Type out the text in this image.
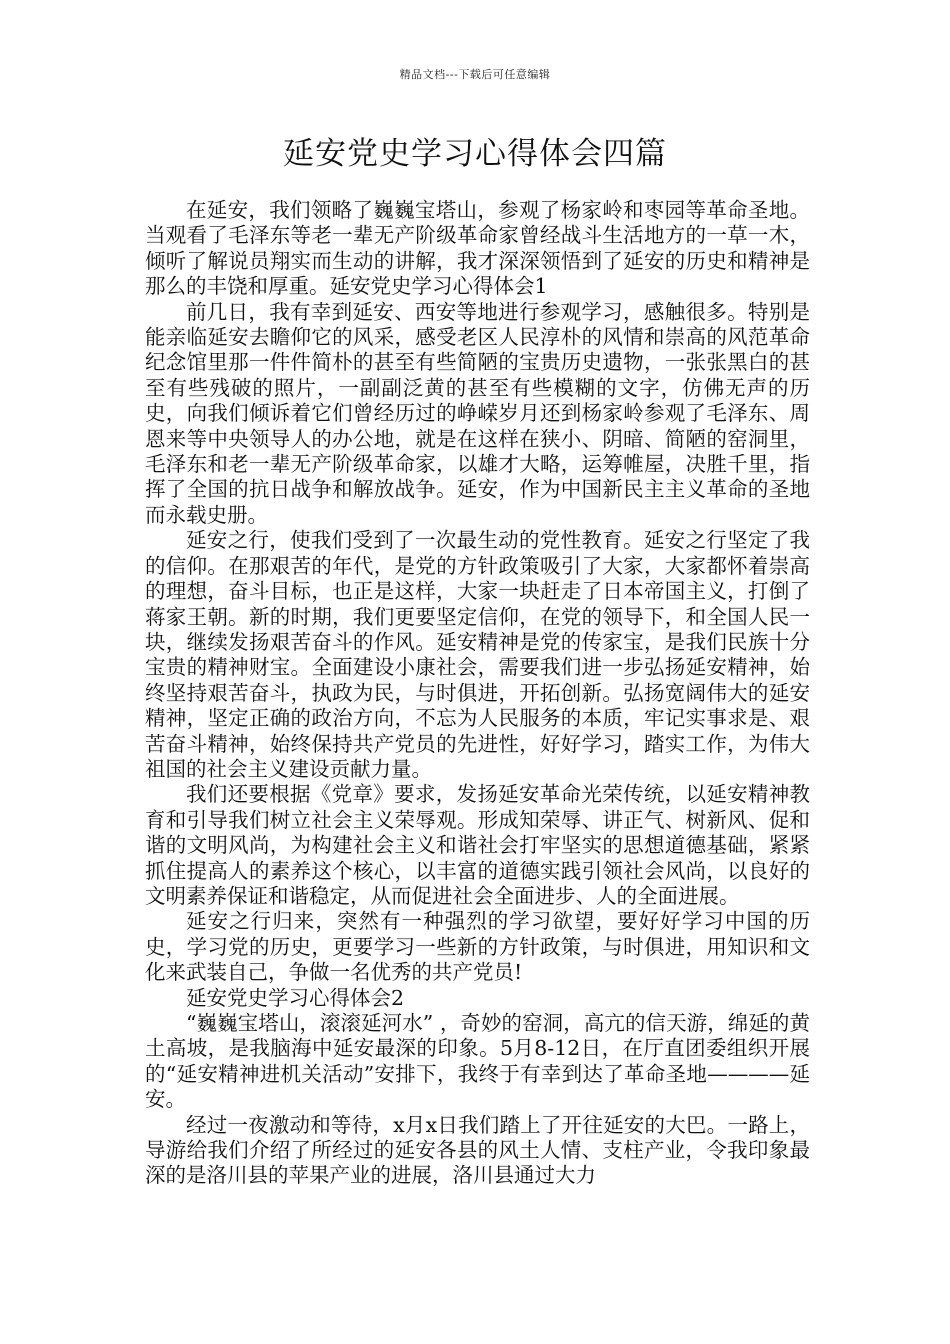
精品文档---下载后可任意编辑
延安党史学习心得体会四篇

在延安，我们领略了巍巍宝塔山，参观了杨家岭和枣园等革命圣地。当观看了毛泽东等老一辈无产阶级革命家曾经战斗生活地方的一草一木，倾听了解说员翔实而生动的讲解，我才深深领悟到了延安的历史和精神是那么的丰饶和厚重。延安党史学习心得体会1

前几日，我有幸到延安、西安等地进行参观学习，感触很多。特别是能亲临延安去瞻仰它的风采，感受老区人民淳朴的风情和崇高的风范革命纪念馆里那一件件简朴的甚至有些简陋的宝贵历史遗物，一张张黑白的甚至有些残破的照片，一副副泛黄的甚至有些模糊的文字，仿佛无声的历史，向我们倾诉着它们曾经历过的峥嵘岁月还到杨家岭参观了毛泽东、周恩来等中央领导人的办公地，就是在这样在狭小、阴暗、简陋的窑洞里，毛泽东和老一辈无产阶级革命家，以雄才大略，运筹帷屋，决胜千里，指挥了全国的抗日战争和解放战争。延安，作为中国新民主主义革命的圣地而永载史册。

延安之行，使我们受到了一次最生动的党性教育。延安之行坚定了我的信仰。在那艰苦的年代，是党的方针政策吸引了大家，大家都怀着崇高的理想，奋斗目标，也正是这样，大家一块赶走了日本帝国主义，打倒了蒋家王朝。新的时期，我们更要坚定信仰，在党的领导下，和全国人民一块，继续发扬艰苦奋斗的作风。延安精神是党的传家宝，是我们民族十分宝贵的精神财宝。全面建设小康社会，需要我们进一步弘扬延安精神，始终坚持艰苦奋斗，执政为民，与时俱进，开拓创新。弘扬宽阔伟大的延安精神，坚定正确的政治方向，不忘为人民服务的本质，牢记实事求是、艰苦奋斗精神，始终保持共产党员的先进性，好好学习，踏实工作，为伟大祖国的社会主义建设贡献力量。

我们还要根据《党章》要求，发扬延安革命光荣传统，以延安精神教育和引导我们树立社会主义荣辱观。形成知荣辱、讲正气、树新风、促和谐的文明风尚，为构建社会主义和谐社会打牢坚实的思想道德基础，紧紧抓住提高人的素养这个核心，以丰富的道德实践引领社会风尚，以良好的文明素养保证和谐稳定，从而促进社会全面进步、人的全面进展。

延安之行归来，突然有一种强烈的学习欲望，要好好学习中国的历史，学习党的历史，更要学习一些新的方针政策，与时俱进，用知识和文化来武装自己，争做一名优秀的共产党员!

延安党史学习心得体会2

“巍巍宝塔山，滚滚延河水” ，奇妙的窑洞，高亢的信天游，绵延的黄土高坡，是我脑海中延安最深的印象。5月8-12日，在厅直团委组织开展的“延安精神进机关活动”安排下，我终于有幸到达了革命圣地————延安。

经过一夜激动和等待，x月x日我们踏上了开往延安的大巴。一路上，导游给我们介绍了所经过的延安各县的风土人情、支柱产业，令我印象最深的是洛川县的苹果产业的进展，洛川县通过大力
